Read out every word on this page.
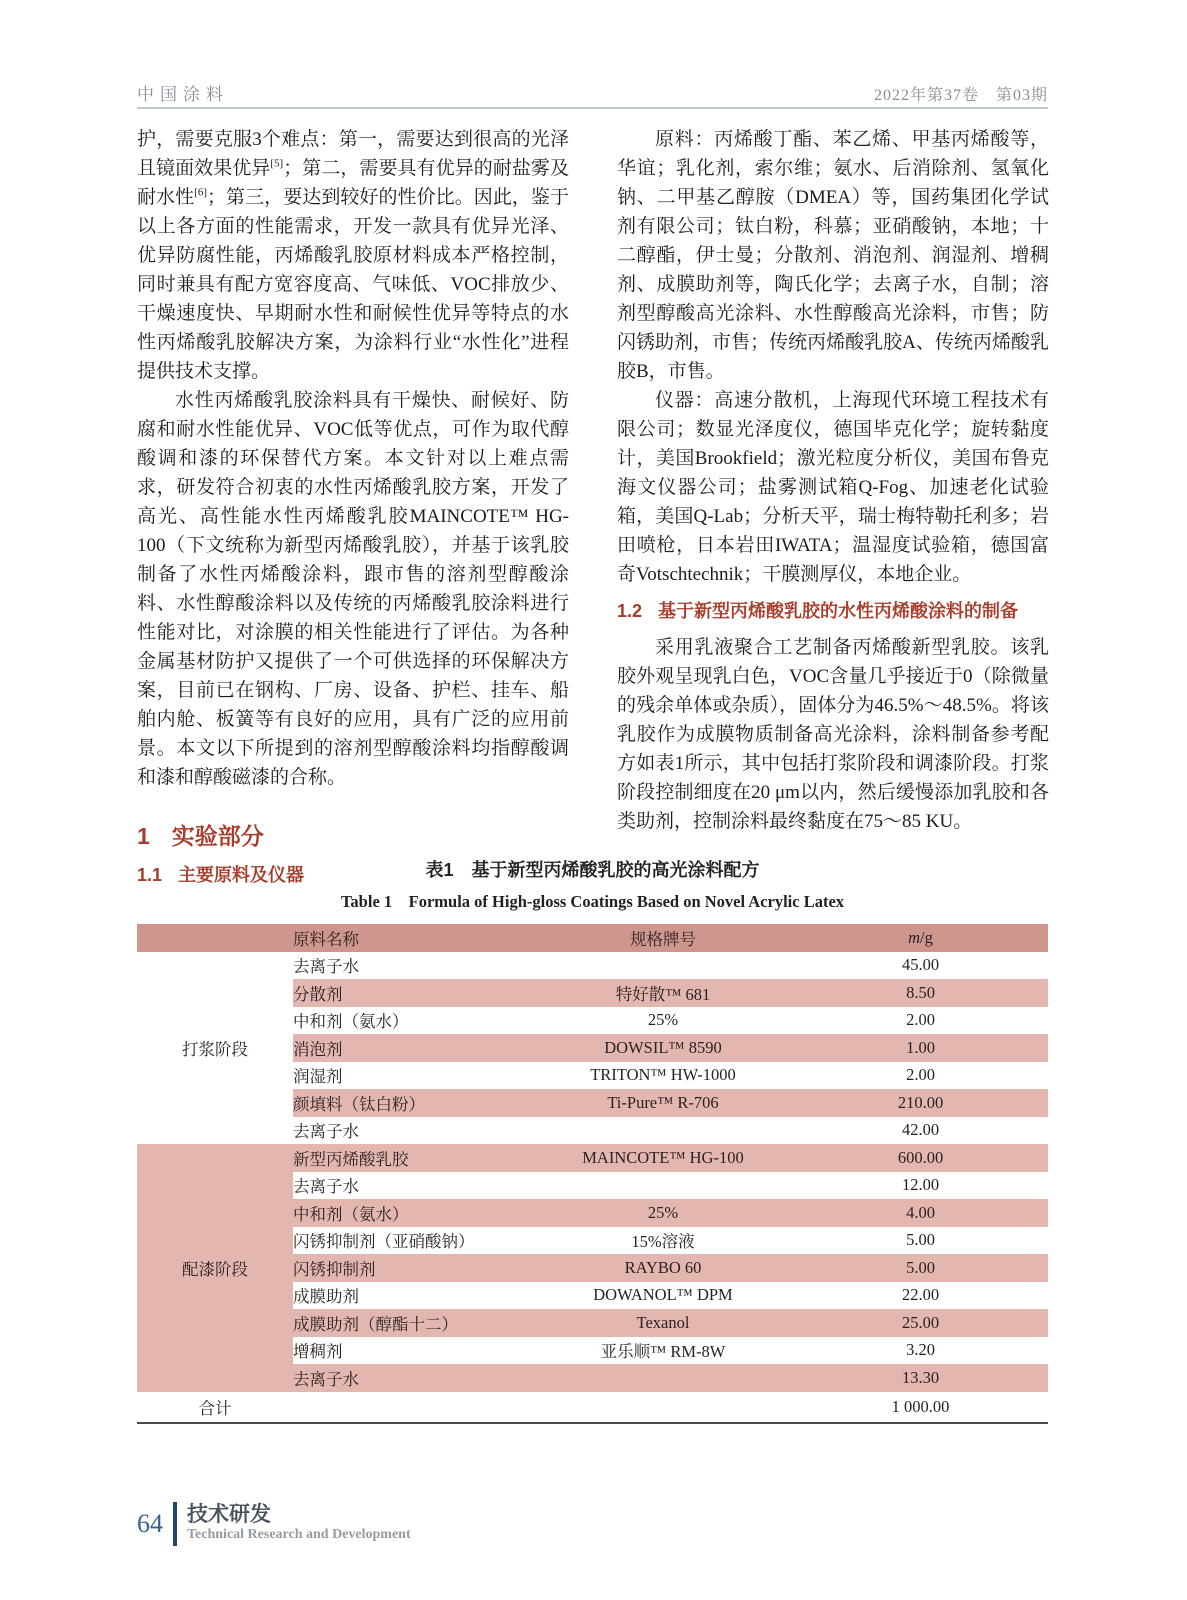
中国涂料	2022年第37卷　第03期

护，需要克服3个难点：第一，需要达到很高的光泽且镜面效果优异[5]；第二，需要具有优异的耐盐雾及耐水性[6]；第三，要达到较好的性价比。因此，鉴于以上各方面的性能需求，开发一款具有优异光泽、优异防腐性能，丙烯酸乳胶原材料成本严格控制，同时兼具有配方宽容度高、气味低、VOC排放少、干燥速度快、早期耐水性和耐候性优异等特点的水性丙烯酸乳胶解决方案，为涂料行业“水性化”进程提供技术支撑。

水性丙烯酸乳胶涂料具有干燥快、耐候好、防腐和耐水性能优异、VOC低等优点，可作为取代醇酸调和漆的环保替代方案。本文针对以上难点需求，研发符合初衷的水性丙烯酸乳胶方案，开发了高光、高性能水性丙烯酸乳胶MAINCOTE™ HG-100（下文统称为新型丙烯酸乳胶），并基于该乳胶制备了水性丙烯酸涂料，跟市售的溶剂型醇酸涂料、水性醇酸涂料以及传统的丙烯酸乳胶涂料进行性能对比，对涂膜的相关性能进行了评估。为各种金属基材防护又提供了一个可供选择的环保解决方案，目前已在钢构、厂房、设备、护栏、挂车、船舶内舱、板簧等有良好的应用，具有广泛的应用前景。本文以下所提到的溶剂型醇酸涂料均指醇酸调和漆和醇酸磁漆的合称。

1 实验部分
1.1 主要原料及仪器

原料：丙烯酸丁酯、苯乙烯、甲基丙烯酸等，华谊；乳化剂，索尔维；氨水、后消除剂、氢氧化钠、二甲基乙醇胺（DMEA）等，国药集团化学试剂有限公司；钛白粉，科慕；亚硝酸钠，本地；十二醇酯，伊士曼；分散剂、消泡剂、润湿剂、增稠剂、成膜助剂等，陶氏化学；去离子水，自制；溶剂型醇酸高光涂料、水性醇酸高光涂料，市售；防闪锈助剂，市售；传统丙烯酸乳胶A、传统丙烯酸乳胶B，市售。

仪器：高速分散机，上海现代环境工程技术有限公司；数显光泽度仪，德国毕克化学；旋转黏度计，美国Brookfield；激光粒度分析仪，美国布鲁克海文仪器公司；盐雾测试箱Q-Fog、加速老化试验箱，美国Q-Lab；分析天平，瑞士梅特勒托利多；岩田喷枪，日本岩田IWATA；温湿度试验箱，德国富奇Votschtechnik；干膜测厚仪，本地企业。

1.2 基于新型丙烯酸乳胶的水性丙烯酸涂料的制备

采用乳液聚合工艺制备丙烯酸新型乳胶。该乳胶外观呈现乳白色，VOC含量几乎接近于0（除微量的残余单体或杂质），固体分为46.5%～48.5%。将该乳胶作为成膜物质制备高光涂料，涂料制备参考配方如表1所示，其中包括打浆阶段和调漆阶段。打浆阶段控制细度在20 μm以内，然后缓慢添加乳胶和各类助剂，控制涂料最终黏度在75～85 KU。

表1　基于新型丙烯酸乳胶的高光涂料配方
Table 1　Formula of High-gloss Coatings Based on Novel Acrylic Latex
	原料名称	规格牌号	m/g
打浆阶段	去离子水		45.00
	分散剂	特好散™ 681	8.50
	中和剂（氨水）	25%	2.00
	消泡剂	DOWSIL™ 8590	1.00
	润湿剂	TRITON™ HW-1000	2.00
	颜填料（钛白粉）	Ti-Pure™ R-706	210.00
	去离子水		42.00
配漆阶段	新型丙烯酸乳胶	MAINCOTE™ HG-100	600.00
	去离子水		12.00
	中和剂（氨水）	25%	4.00
	闪锈抑制剂（亚硝酸钠）	15%溶液	5.00
	闪锈抑制剂	RAYBO 60	5.00
	成膜助剂	DOWANOL™ DPM	22.00
	成膜助剂（醇酯十二）	Texanol	25.00
	增稠剂	亚乐顺™ RM-8W	3.20
	去离子水		13.30
合计			1 000.00
64 技术研发
Technical Research and Development
